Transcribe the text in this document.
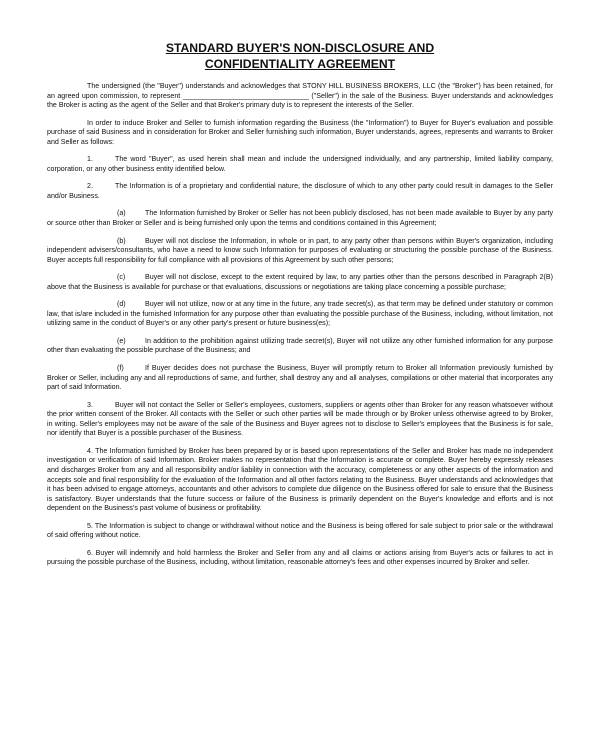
STANDARD BUYER'S NON-DISCLOSURE AND
CONFIDENTIALITY AGREEMENT

The undersigned (the "Buyer") understands and acknowledges that STONY HILL BUSINESS BROKERS, LLC (the "Broker") has been retained, for an agreed upon commission, to represent ________________________________ ("Seller") in the sale of the Business. Buyer understands and acknowledges the Broker is acting as the agent of the Seller and that Broker's primary duty is to represent the interests of the Seller.

In order to induce Broker and Seller to furnish information regarding the Business (the "Information") to Buyer for Buyer's evaluation and possible purchase of said Business and in consideration for Broker and Seller furnishing such information, Buyer understands, agrees, represents and warrants to Broker and Seller as follows:

1.	The word "Buyer", as used herein shall mean and include the undersigned individually, and any partnership, limited liability company, corporation, or any other business entity identified below.

2.	The Information is of a proprietary and confidential nature, the disclosure of which to any other party could result in damages to the Seller and/or Business.

(a)	The Information furnished by Broker or Seller has not been publicly disclosed, has not been made available to Buyer by any party or source other than Broker or Seller and is being furnished only upon the terms and conditions contained in this Agreement;

(b)	Buyer will not disclose the Information, in whole or in part, to any party other than persons within Buyer's organization, including independent advisers/consultants, who have a need to know such Information for purposes of evaluating or structuring the possible purchase of the Business. Buyer accepts full responsibility for full compliance with all provisions of this Agreement by such other persons;

(c)	Buyer will not disclose, except to the extent required by law, to any parties other than the persons described in Paragraph 2(B) above that the Business is available for purchase or that evaluations, discussions or negotiations are taking place concerning a possible purchase;

(d)	Buyer will not utilize, now or at any time in the future, any trade secret(s), as that term may be defined under statutory or common law, that is/are included in the furnished Information for any purpose other than evaluating the possible purchase of the Business, including, without limitation, not utilizing same in the conduct of Buyer's or any other party's present or future business(es);

(e)	In addition to the prohibition against utilizing trade secret(s), Buyer will not utilize any other furnished information for any purpose other than evaluating the possible purchase of the Business; and

(f)	If Buyer decides does not purchase the Business, Buyer will promptly return to Broker all Information previously furnished by Broker or Seller, including any and all reproductions of same, and further, shall destroy any and all analyses, compilations or other material that incorporates any part of said Information.

3.	Buyer will not contact the Seller or Seller's employees, customers, suppliers or agents other than Broker for any reason whatsoever without the prior written consent of the Broker. All contacts with the Seller or such other parties will be made through or by Broker unless otherwise agreed to by Broker, in writing. Seller's employees may not be aware of the sale of the Business and Buyer agrees not to disclose to Seller's employees that the Business is for sale, nor identify that Buyer is a possible purchaser of the Business.

4. The Information furnished by Broker has been prepared by or is based upon representations of the Seller and Broker has made no independent investigation or verification of said Information. Broker makes no representation that the Information is accurate or complete. Buyer hereby expressly releases and discharges Broker from any and all responsibility and/or liability in connection with the accuracy, completeness or any other aspects of the information and accepts sole and final responsibility for the evaluation of the Information and all other factors relating to the Business. Buyer understands and acknowledges that it has been advised to engage attorneys, accountants and other advisors to complete due diligence on the Business offered for sale to ensure that the Business is satisfactory. Buyer understands that the future success or failure of the Business is primarily dependent on the Buyer's knowledge and efforts and is not dependent on the Business's past volume of business or profitability.

5. The Information is subject to change or withdrawal without notice and the Business is being offered for sale subject to prior sale or the withdrawal of said offering without notice.

6. Buyer will indemnify and hold harmless the Broker and Seller from any and all claims or actions arising from Buyer's acts or failures to act in pursuing the possible purchase of the Business, including, without limitation, reasonable attorney's fees and other expenses incurred by Broker and seller.
